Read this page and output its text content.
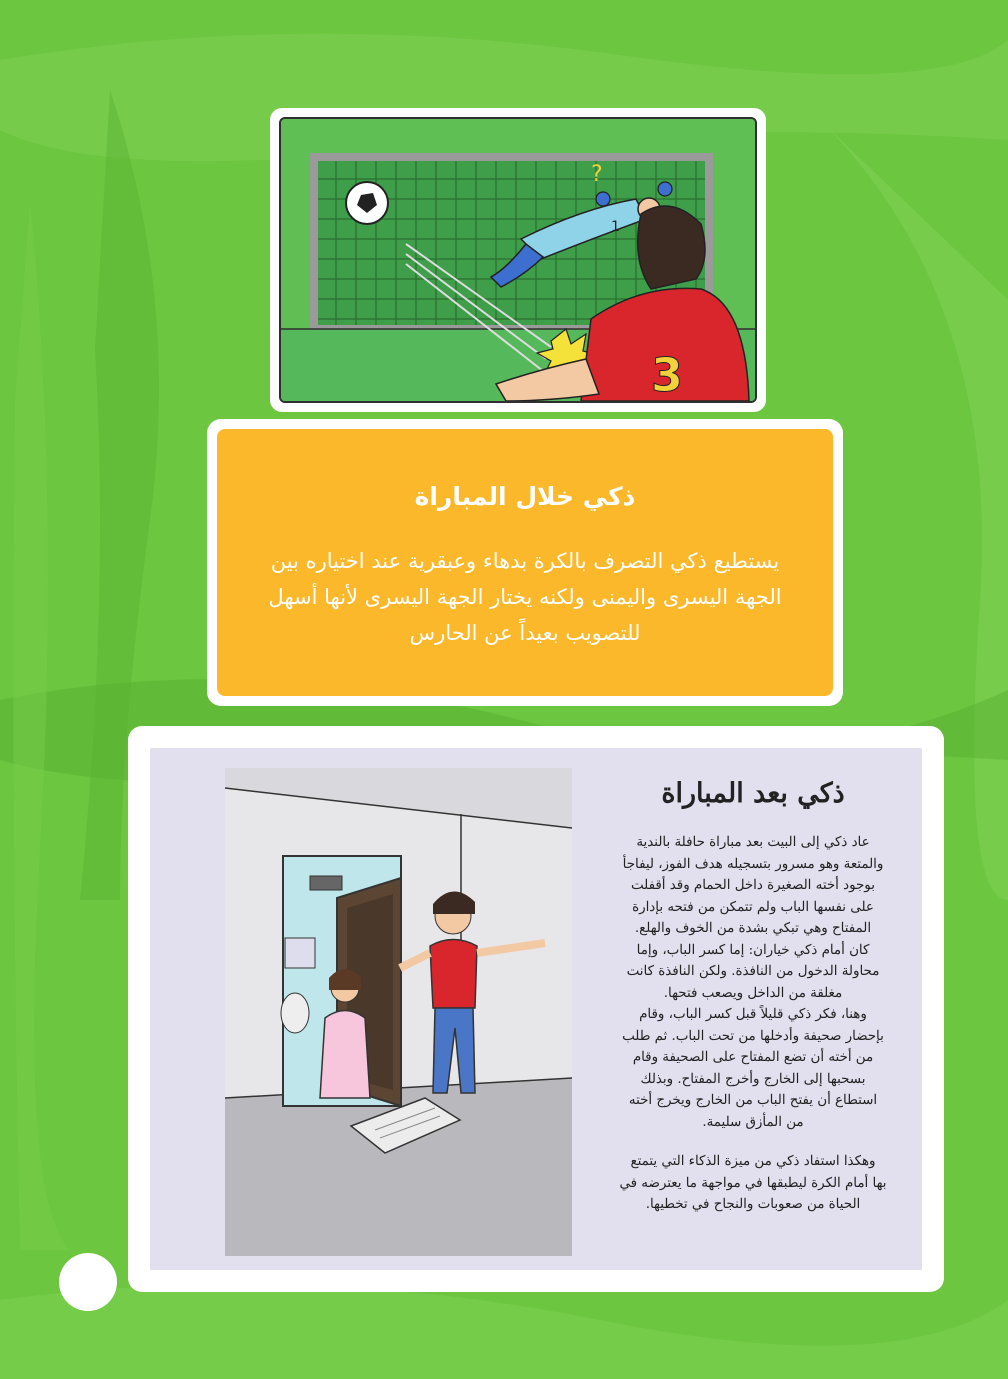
1
?
3

ذكي خلال المباراة

يستطيع ذكي التصرف بالكرة بدهاء وعبقرية عند اختياره بين الجهة اليسرى واليمنى ولكنه يختار الجهة اليسرى لأنها أسهل للتصويب بعيداً عن الحارس

ذكي بعد المباراة

عاد ذكي إلى البيت بعد مباراة حافلة بالندية
والمتعة وهو مسرور بتسجيله هدف الفوز، ليفاجأ
بوجود أخته الصغيرة داخل الحمام وقد أقفلت
على نفسها الباب ولم تتمكن من فتحه بإدارة
المفتاح وهي تبكي بشدة من الخوف والهلع.
كان أمام ذكي خياران: إما كسر الباب، وإما
محاولة الدخول من النافذة. ولكن النافذة كانت
مغلقة من الداخل ويصعب فتحها.
وهنا، فكر ذكي قليلاً قبل كسر الباب، وقام
بإحضار صحيفة وأدخلها من تحت الباب. ثم طلب
من أخته أن تضع المفتاح على الصحيفة وقام
بسحبها إلى الخارج وأخرج المفتاح. وبذلك
استطاع أن يفتح الباب من الخارج ويخرج أخته
من المأزق سليمة.

وهكذا استفاد ذكي من ميزة الذكاء التي يتمتع
بها أمام الكرة ليطبقها في مواجهة ما يعترضه في
الحياة من صعوبات والنجاح في تخطيها.
